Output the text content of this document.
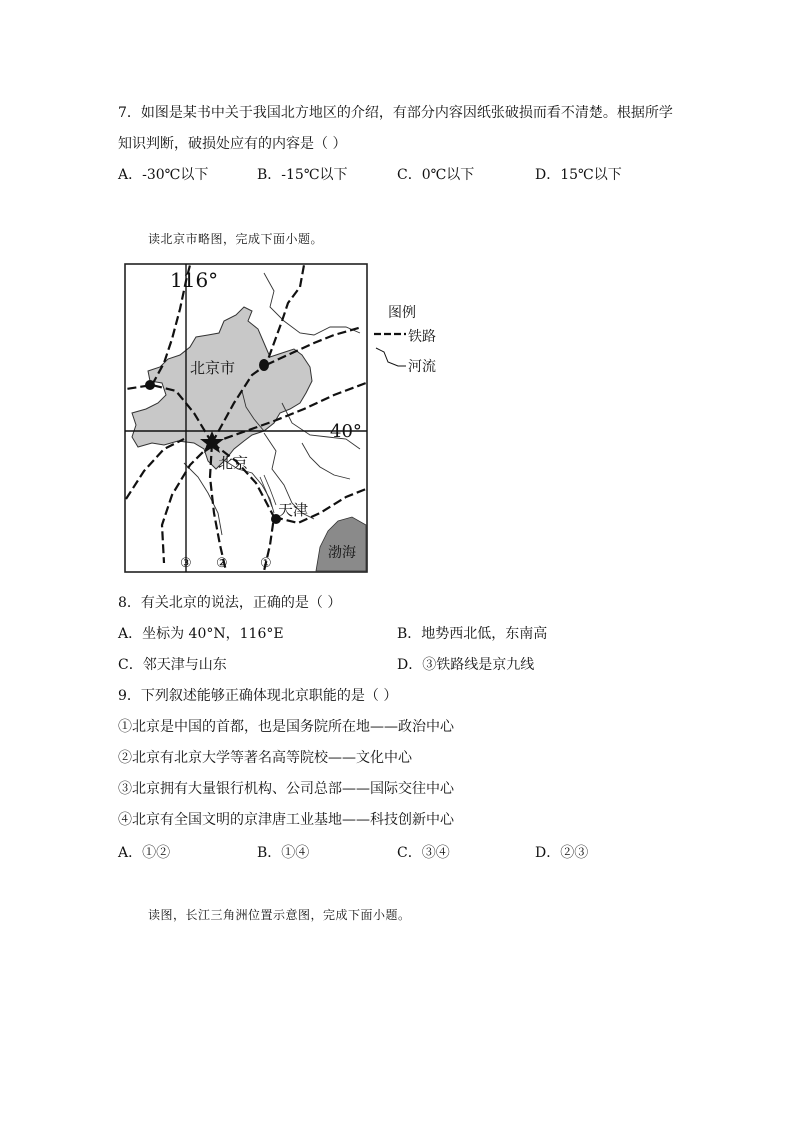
7．如图是某书中关于我国北方地区的介绍，有部分内容因纸张破损而看不清楚。根据所学
知识判断，破损处应有的内容是（ ）
A．-30℃以下	B．-15℃以下	C．0℃以下	D．15℃以下
读北京市略图，完成下面小题。
116°
40°
北京市
北京
天津
渤海
③ ② ①
图例
铁路
河流
8．有关北京的说法，正确的是（ ）
A．坐标为 40°N，116°E	B．地势西北低，东南高
C．邻天津与山东	D．③铁路线是京九线
9．下列叙述能够正确体现北京职能的是（ ）
①北京是中国的首都，也是国务院所在地——政治中心
②北京有北京大学等著名高等院校——文化中心
③北京拥有大量银行机构、公司总部——国际交往中心
④北京有全国文明的京津唐工业基地——科技创新中心
A．①②	B．①④	C．③④	D．②③
读图，长江三角洲位置示意图，完成下面小题。
